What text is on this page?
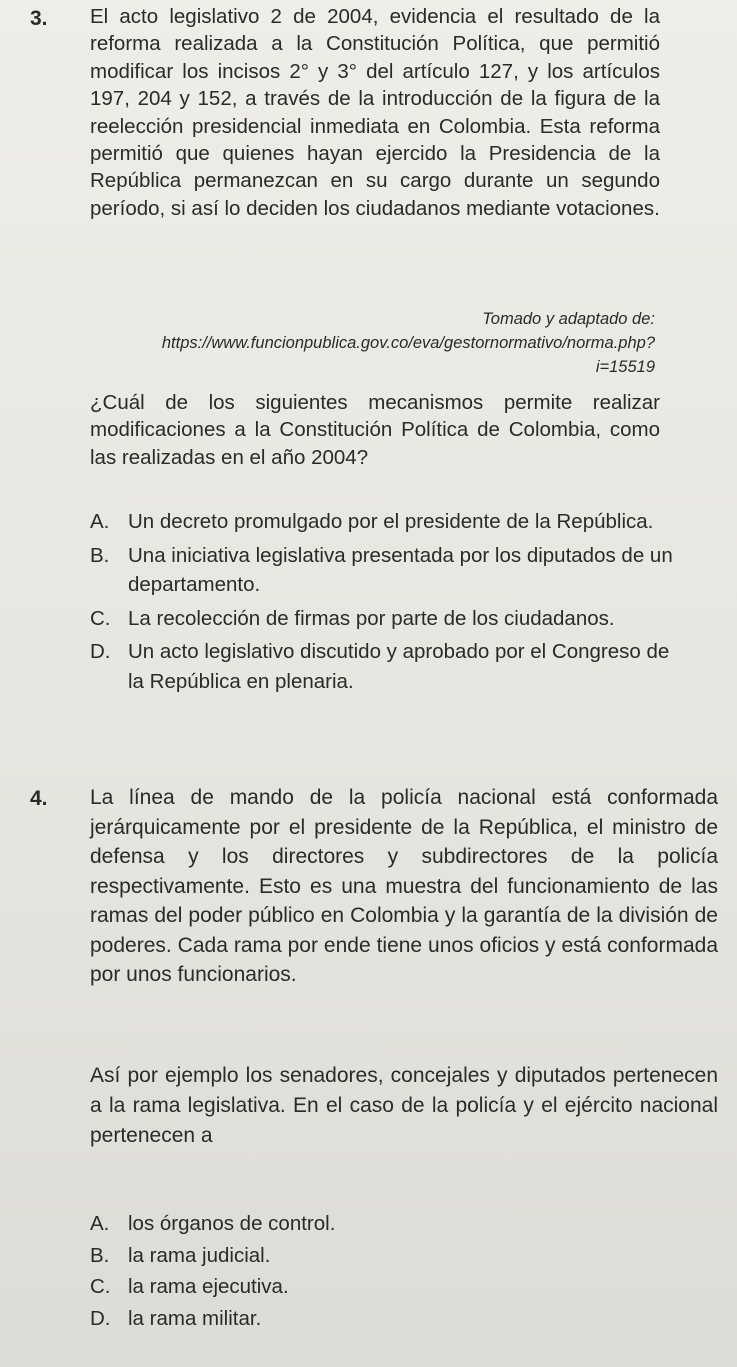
3. El acto legislativo 2 de 2004, evidencia el resultado de la reforma realizada a la Constitución Política, que permitió modificar los incisos 2° y 3° del artículo 127, y los artículos 197, 204 y 152, a través de la introducción de la figura de la reelección presidencial inmediata en Colombia. Esta reforma permitió que quienes hayan ejercido la Presidencia de la República permanezcan en su cargo durante un segundo período, si así lo deciden los ciudadanos mediante votaciones.

Tomado y adaptado de: https://www.funcionpublica.gov.co/eva/gestornormativo/norma.php?i=15519

¿Cuál de los siguientes mecanismos permite realizar modificaciones a la Constitución Política de Colombia, como las realizadas en el año 2004?

A. Un decreto promulgado por el presidente de la República.
B. Una iniciativa legislativa presentada por los diputados de un departamento.
C. La recolección de firmas por parte de los ciudadanos.
D. Un acto legislativo discutido y aprobado por el Congreso de la República en plenaria.
4. La línea de mando de la policía nacional está conformada jerárquicamente por el presidente de la República, el ministro de defensa y los directores y subdirectores de la policía respectivamente. Esto es una muestra del funcionamiento de las ramas del poder público en Colombia y la garantía de la división de poderes. Cada rama por ende tiene unos oficios y está conformada por unos funcionarios.

Así por ejemplo los senadores, concejales y diputados pertenecen a la rama legislativa. En el caso de la policía y el ejército nacional pertenecen a

A. los órganos de control.
B. la rama judicial.
C. la rama ejecutiva.
D. la rama militar.
